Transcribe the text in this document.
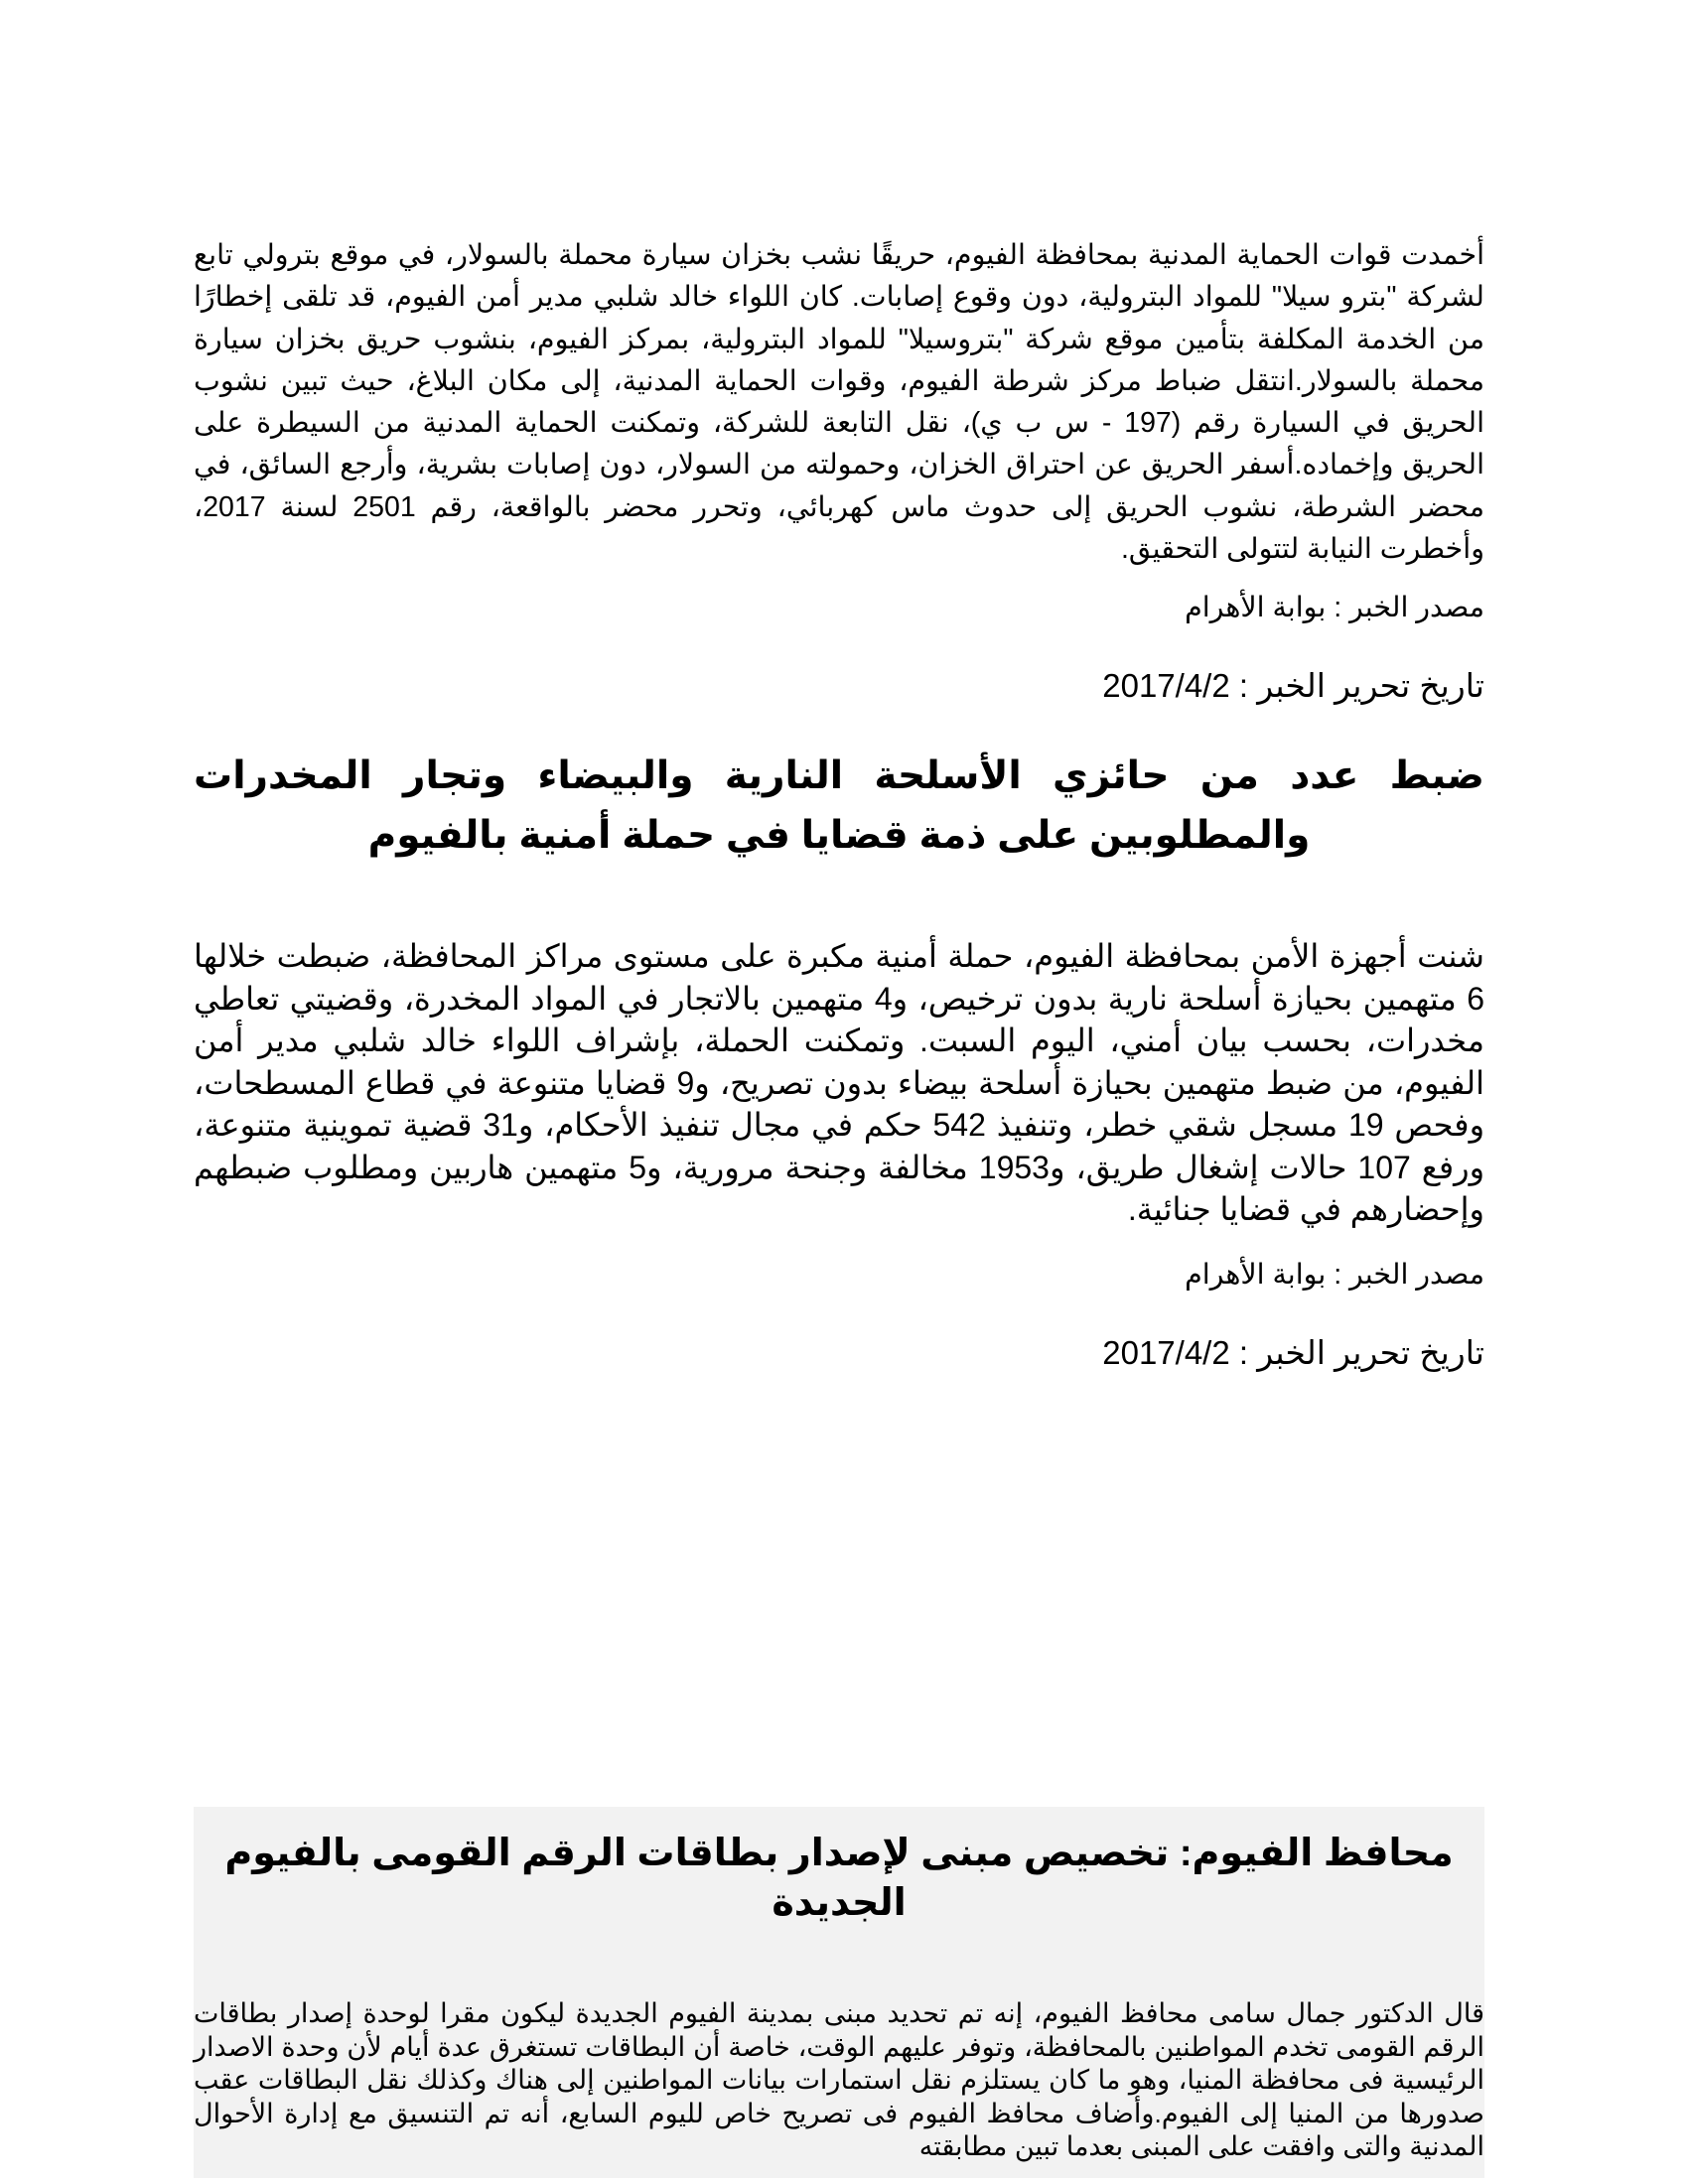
أخمدت قوات الحماية المدنية بمحافظة الفيوم، حريقًا نشب بخزان سيارة محملة بالسولار، في موقع بترولي تابع لشركة "بترو سيلا" للمواد البترولية، دون وقوع إصابات. كان اللواء خالد شلبي مدير أمن الفيوم، قد تلقى إخطارًا من الخدمة المكلفة بتأمين موقع شركة "بتروسيلا" للمواد البترولية، بمركز الفيوم، بنشوب حريق بخزان سيارة محملة بالسولار.انتقل ضباط مركز شرطة الفيوم، وقوات الحماية المدنية، إلى مكان البلاغ، حيث تبين نشوب الحريق في السيارة رقم (197 - س ب ي)، نقل التابعة للشركة، وتمكنت الحماية المدنية من السيطرة على الحريق وإخماده.أسفر الحريق عن احتراق الخزان، وحمولته من السولار، دون إصابات بشرية، وأرجع السائق، في محضر الشرطة، نشوب الحريق إلى حدوث ماس كهربائي، وتحرر محضر بالواقعة، رقم 2501 لسنة 2017، وأخطرت النيابة لتتولى التحقيق.

مصدر الخبر : بوابة الأهرام

تاريخ تحرير الخبر : 2017/4/2

ضبط عدد من حائزي الأسلحة النارية والبيضاء وتجار المخدرات والمطلوبين على ذمة قضايا في حملة أمنية بالفيوم

شنت أجهزة الأمن بمحافظة الفيوم، حملة أمنية مكبرة على مستوى مراكز المحافظة، ضبطت خلالها 6 متهمين بحيازة أسلحة نارية بدون ترخيص، و4 متهمين بالاتجار في المواد المخدرة، وقضيتي تعاطي مخدرات، بحسب بيان أمني، اليوم السبت. وتمكنت الحملة، بإشراف اللواء خالد شلبي مدير أمن الفيوم، من ضبط متهمين بحيازة أسلحة بيضاء بدون تصريح، و9 قضايا متنوعة في قطاع المسطحات، وفحص 19 مسجل شقي خطر، وتنفيذ 542 حكم في مجال تنفيذ الأحكام، و31 قضية تموينية متنوعة، ورفع 107 حالات إشغال طريق، و1953 مخالفة وجنحة مرورية، و5 متهمين هاربين ومطلوب ضبطهم وإحضارهم في قضايا جنائية.

مصدر الخبر : بوابة الأهرام

تاريخ تحرير الخبر : 2017/4/2

محافظ الفيوم: تخصيص مبنى لإصدار بطاقات الرقم القومى بالفيوم الجديدة

قال الدكتور جمال سامى محافظ الفيوم، إنه تم تحديد مبنى بمدينة الفيوم الجديدة ليكون مقرا لوحدة إصدار بطاقات الرقم القومى تخدم المواطنين بالمحافظة، وتوفر عليهم الوقت، خاصة أن البطاقات تستغرق عدة أيام لأن وحدة الاصدار الرئيسية فى محافظة المنيا، وهو ما كان يستلزم نقل استمارات بيانات المواطنين إلى هناك وكذلك نقل البطاقات عقب صدورها من المنيا إلى الفيوم.وأضاف محافظ الفيوم فى تصريح خاص لليوم السابع، أنه تم التنسيق مع إدارة الأحوال المدنية والتى وافقت على المبنى بعدما تبين مطابقته
